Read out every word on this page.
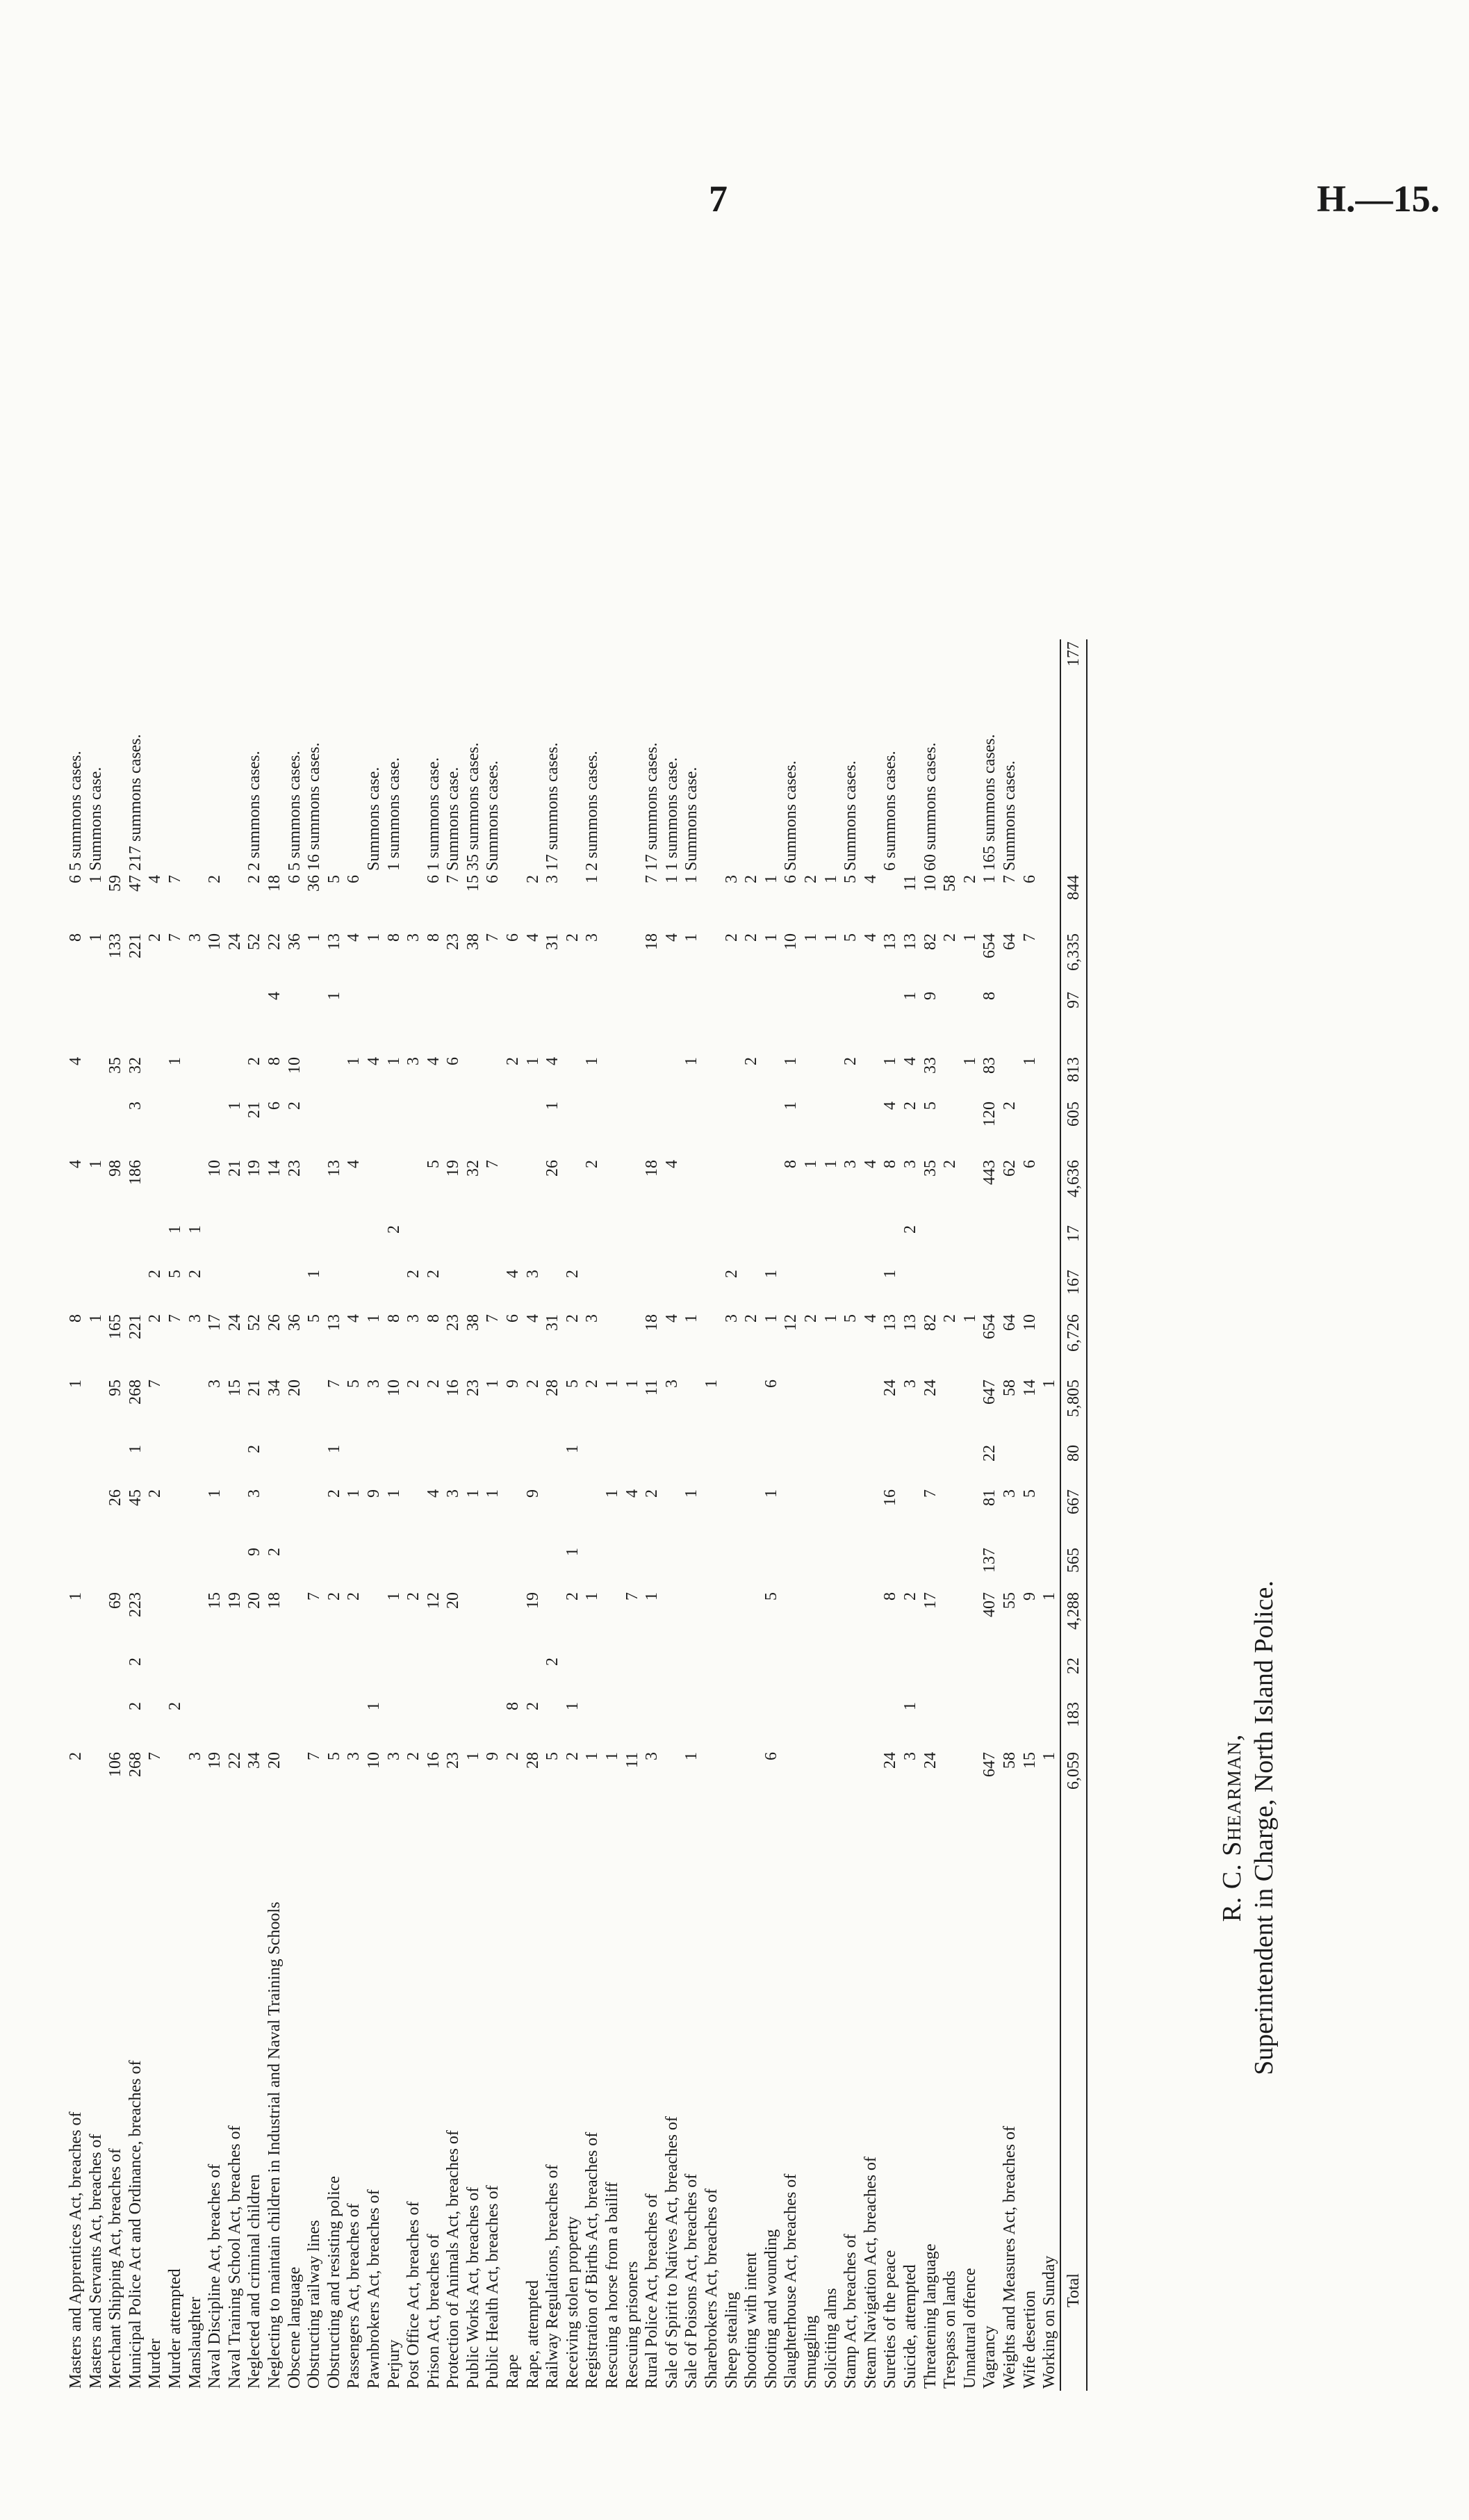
7	H.—15.
Masters and Apprentices Act, breaches of	2			1				1	8			4		4		8	6	5 summons cases.
Masters and Servants Act, breaches of									1			1				1	1	Summons case.
Merchant Shipping Act, breaches of	106			69		26		95	165			98		35		133	59	
Municipal Police Act and Ordinance, breaches of	268	2	2	223		45	1	268	221			186	3	32		221	47	217 summons cases.
Murder	7					2		7	2	2						2	4	
Murder attempted		2							7	5	1			1		7	7	
Manslaughter	3								3	2	1					3		
Naval Discipline Act, breaches of	19			15		1		3	17			10				10	2	
Naval Training School Act, breaches of	22			19				15	24			21	1			24		
Neglected and criminal children	34			20	9	3	2	21	52			19	21	2		52	2	2 summons cases.
Neglecting to maintain children in Industrial and Naval Training Schools	20			18	2			34	26			14	6	8	4	22	18	
Obscene language								20	36			23	2	10		36	6	5 summons cases.
Obstructing railway lines	7			7					5	1						1	36	16 summons cases.
Obstructing and resisting police	5			2		2	1	7	13			13			1	13	5	
Passengers Act, breaches of	3			2		1		5	4			4		1		4	6	
Pawnbrokers Act, breaches of	10	1				9		3	1					4		1		Summons case.
Perjury	3			1		1		10	8		2			1		8		1 summons case.
Post Office Act, breaches of	2			2				2	3	2				3		3		
Prison Act, breaches of	16			12		4		2	8	2		5		4		8	6	1 summons case.
Protection of Animals Act, breaches of	23			20		3		16	23			19		6		23	7	Summons case.
Public Works Act, breaches of	1					1		23	38			32				38	15	35 summons cases.
Public Health Act, breaches of	9					1		1	7			7				7	6	Summons cases.
Rape	2	8						9	6	4				2		6		
Rape, attempted	28	2		19		9		2	4	3				1		4	2	
Railway Regulations, breaches of	5		2					28	31			26	1	4		31	3	17 summons cases.
Receiving stolen property	2	1		2	1		1	5	2	2						2		
Registration of Births Act, breaches of	1			1				2	3			2		1		3	1	2 summons cases.
Rescuing a horse from a bailiff	1					1		1										
Rescuing prisoners	11			7		4		1										
Rural Police Act, breaches of	3			1		2		11	18			18				18	7	17 summons cases.
Sale of Spirit to Natives Act, breaches of								3	4			4				4	1	1 summons case.
Sale of Poisons Act, breaches of	1					1			1					1		1	1	Summons case.
Sharebrokers Act, breaches of								1										
Sheep stealing									3	2						2	3	
Shooting with intent									2					2		2	2	
Shooting and wounding	6			5		1		6	1	1						1	1	
Slaughterhouse Act, breaches of									12			8	1	1		10	6	Summons cases.
Smuggling									2			1				1	2	
Soliciting alms									1			1				1	1	
Stamp Act, breaches of									5			3		2		5	5	Summons cases.
Steam Navigation Act, breaches of									4			4				4	4	
Sureties of the peace	24			8		16		24	13	1		8	4	1		13		6 summons cases.
Suicide, attempted	3	1		2				3	13		2	3	2	4	1	13	11	
Threatening language	24			17		7		24	82			35	5	33	9	82	10	60 summons cases.
Trespass on lands									2			2				2	58	
Unnatural offence									1					1		1	2	
Vagrancy	647			407	137	81	22	647	654			443	120	83	8	654	1	165 summons cases.
Weights and Measures Act, breaches of	58			55		3		58	64			62	2			64	7	Summons cases.
Wife desertion	15			9		5		14	10			6		1		7	6	
Working on Sunday	1			1				1										
Total	6,059	183	22	4,288	565	667	80	5,805	6,726	167	17	4,636	605	813	97	6,335	844	177
R. C. Shearman, Superintendent in Charge, North Island Police.
